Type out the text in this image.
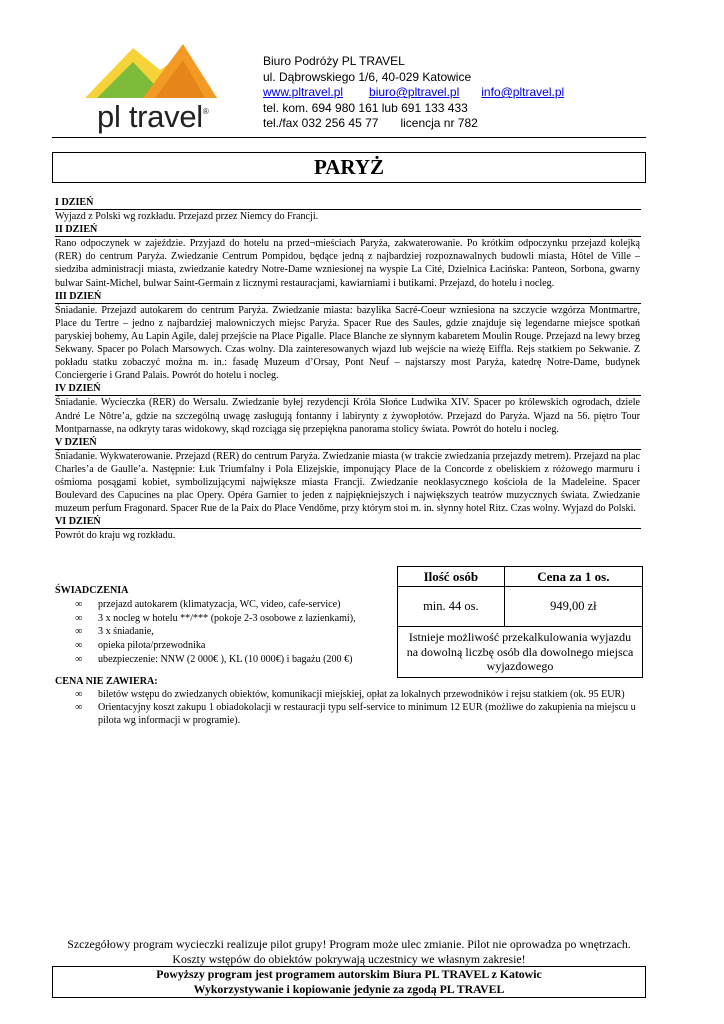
pl travel®
Biuro Podróży PL TRAVEL
ul. Dąbrowskiego 1/6, 40-029 Katowice
www.pltravel.pl biuro@pltravel.pl info@pltravel.pl
tel. kom. 694 980 161 lub 691 133 433
tel./fax 032 256 45 77 licencja nr 782
PARYŻ
I DZIEŃ
Wyjazd z Polski wg rozkładu. Przejazd przez Niemcy do Francji.
II DZIEŃ
Rano odpoczynek w zajeździe. Przyjazd do hotelu na przed¬mieściach Paryża, zakwaterowanie. Po krótkim odpoczynku przejazd kolejką (RER) do centrum Paryża. Zwiedzanie Centrum Pompidou, będące jedną z najbardziej rozpoznawalnych budowli miasta, Hôtel de Ville – siedziba administracji miasta, zwiedzanie katedry Notre-Dame wzniesionej na wyspie La Cité, Dzielnica Łacińska: Panteon, Sorbona, gwarny bulwar Saint-Michel, bulwar Saint-Germain z licznymi restauracjami, kawiarniami i butikami. Przejazd, do hotelu i nocleg.
III DZIEŃ
Śniadanie. Przejazd autokarem do centrum Paryża. Zwiedzanie miasta: bazylika Sacré-Coeur wzniesiona na szczycie wzgórza Montmartre, Place du Tertre – jedno z najbardziej malowniczych miejsc Paryża. Spacer Rue des Saules, gdzie znajduje się legendarne miejsce spotkań paryskiej bohemy, Au Lapin Agile, dalej przejście na Place Pigalle. Place Blanche ze słynnym kabaretem Moulin Rouge. Przejazd na lewy brzeg Sekwany. Spacer po Polach Marsowych. Czas wolny. Dla zainteresowanych wjazd lub wejście na wieżę Eiffla. Rejs statkiem po Sekwanie. Z pokładu statku zobaczyć można m. in.: fasadę Muzeum d’Orsay, Pont Neuf – najstarszy most Paryża, katedrę Notre-Dame, budynek Conciergerie i Grand Palais. Powrót do hotelu i nocleg.
IV DZIEŃ
Śniadanie. Wycieczka (RER) do Wersalu. Zwiedzanie byłej rezydencji Króla Słońce Ludwika XIV. Spacer po królewskich ogrodach, dziele André Le Nôtre’a, gdzie na szczególną uwagę zasługują fontanny i labirynty z żywopłotów. Przejazd do Paryża. Wjazd na 56. piętro Tour Montparnasse, na odkryty taras widokowy, skąd rozciąga się przepiękna panorama stolicy świata. Powrót do hotelu i nocleg.
V DZIEŃ
Śniadanie. Wykwaterowanie. Przejazd (RER) do centrum Paryża. Zwiedzanie miasta (w trakcie zwiedzania przejazdy metrem). Przejazd na plac Charles’a de Gaulle’a. Następnie: Łuk Triumfalny i Pola Elizejskie, imponujący Place de la Concorde z obeliskiem z różowego marmuru i ośmioma posągami kobiet, symbolizującymi największe miasta Francji. Zwiedzanie neoklasycznego kościoła de la Madeleine. Spacer Boulevard des Capucines na plac Opery. Opéra Garnier to jeden z najpiękniejszych i największych teatrów muzycznych świata. Zwiedzanie muzeum perfum Fragonard. Spacer Rue de la Paix do Place Vendôme, przy którym stoi m. in. słynny hotel Ritz. Czas wolny. Wyjazd do Polski.
VI DZIEŃ
Powrót do kraju wg rozkładu.
ŚWIADCZENIA
∞ przejazd autokarem (klimatyzacja, WC, video, cafe-service)
∞ 3 x nocleg w hotelu **/*** (pokoje 2-3 osobowe z łazienkami),
∞ 3 x śniadanie,
∞ opieka pilota/przewodnika
∞ ubezpieczenie: NNW (2 000€ ), KL (10 000€) i bagażu (200 €)
Ilość osób	Cena za 1 os.
min. 44 os.	949,00 zł
Istnieje możliwość przekalkulowania wyjazdu na dowolną liczbę osób dla dowolnego miejsca wyjazdowego	
CENA NIE ZAWIERA:
∞ biletów wstępu do zwiedzanych obiektów, komunikacji miejskiej, opłat za lokalnych przewodników i rejsu statkiem (ok. 95 EUR)
∞ Orientacyjny koszt zakupu 1 obiadokolacji w restauracji typu self-service to minimum 12 EUR (możliwe do zakupienia na miejscu u pilota wg informacji w programie).
Szczegółowy program wycieczki realizuje pilot grupy! Program może ulec zmianie. Pilot nie oprowadza po wnętrzach.
Koszty wstępów do obiektów pokrywają uczestnicy we własnym zakresie!
Powyższy program jest programem autorskim Biura PL TRAVEL z Katowic
Wykorzystywanie i kopiowanie jedynie za zgodą PL TRAVEL
